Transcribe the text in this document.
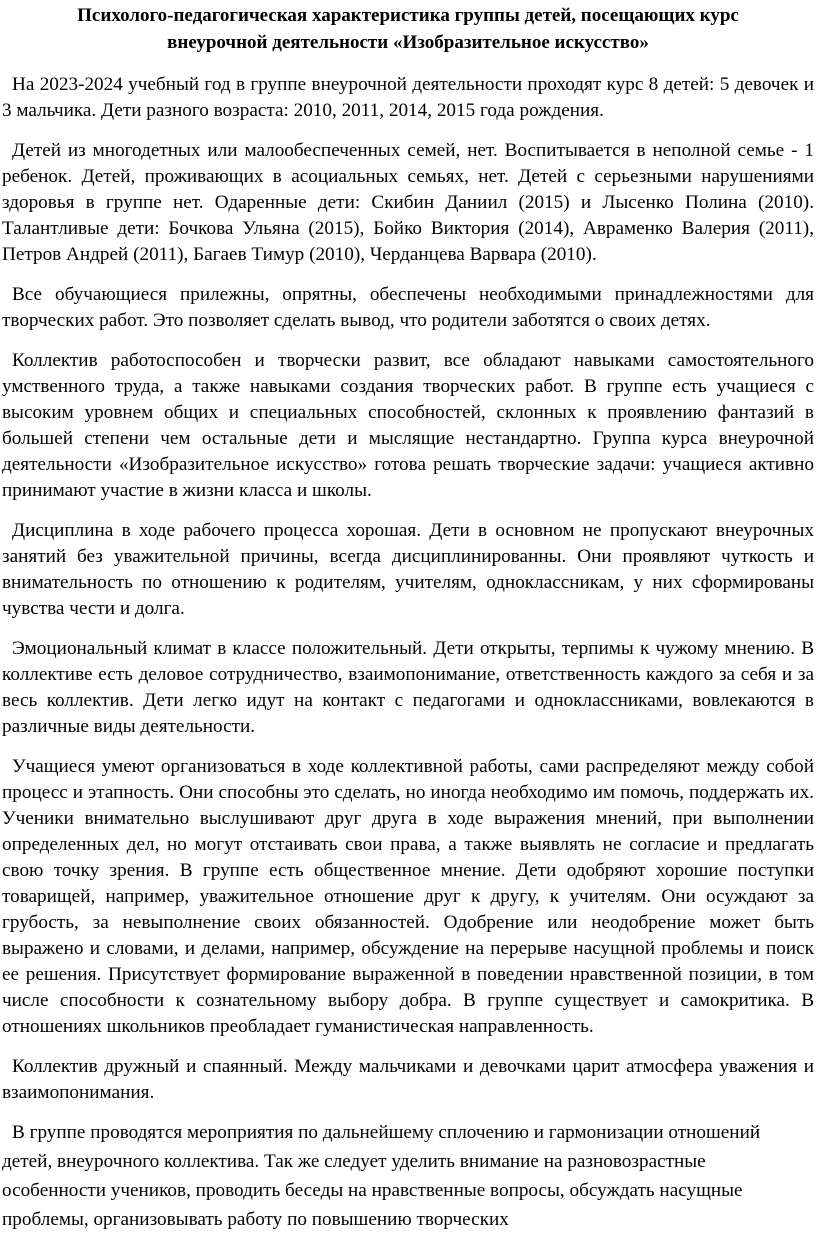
Психолого-педагогическая характеристика группы детей, посещающих курс внеурочной деятельности «Изобразительное искусство»

На 2023-2024 учебный год в группе внеурочной деятельности проходят курс 8 детей: 5 девочек и 3 мальчика. Дети разного возраста: 2010, 2011, 2014, 2015 года рождения.

Детей из многодетных или малообеспеченных семей, нет. Воспитывается в неполной семье - 1 ребенок. Детей, проживающих в асоциальных семьях, нет. Детей с серьезными нарушениями здоровья в группе нет. Одаренные дети: Скибин Даниил (2015) и Лысенко Полина (2010). Талантливые дети: Бочкова Ульяна (2015), Бойко Виктория (2014), Авраменко Валерия (2011), Петров Андрей (2011), Багаев Тимур (2010), Черданцева Варвара (2010).

Все обучающиеся прилежны, опрятны, обеспечены необходимыми принадлежностями для творческих работ. Это позволяет сделать вывод, что родители заботятся о своих детях.

Коллектив работоспособен и творчески развит, все обладают навыками самостоятельного умственного труда, а также навыками создания творческих работ. В группе есть учащиеся с высоким уровнем общих и специальных способностей, склонных к проявлению фантазий в большей степени чем остальные дети и мыслящие нестандартно. Группа курса внеурочной деятельности «Изобразительное искусство» готова решать творческие задачи: учащиеся активно принимают участие в жизни класса и школы.

Дисциплина в ходе рабочего процесса хорошая. Дети в основном не пропускают внеурочных занятий без уважительной причины, всегда дисциплинированны. Они проявляют чуткость и внимательность по отношению к родителям, учителям, одноклассникам, у них сформированы чувства чести и долга.

Эмоциональный климат в классе положительный. Дети открыты, терпимы к чужому мнению. В коллективе есть деловое сотрудничество, взаимопонимание, ответственность каждого за себя и за весь коллектив. Дети легко идут на контакт с педагогами и одноклассниками, вовлекаются в различные виды деятельности.

Учащиеся умеют организоваться в ходе коллективной работы, сами распределяют между собой процесс и этапность. Они способны это сделать, но иногда необходимо им помочь, поддержать их. Ученики внимательно выслушивают друг друга в ходе выражения мнений, при выполнении определенных дел, но могут отстаивать свои права, а также выявлять не согласие и предлагать свою точку зрения. В группе есть общественное мнение. Дети одобряют хорошие поступки товарищей, например, уважительное отношение друг к другу, к учителям. Они осуждают за грубость, за невыполнение своих обязанностей. Одобрение или неодобрение может быть выражено и словами, и делами, например, обсуждение на перерыве насущной проблемы и поиск ее решения. Присутствует формирование выраженной в поведении нравственной позиции, в том числе способности к сознательному выбору добра. В группе существует и самокритика. В отношениях школьников преобладает гуманистическая направленность.

Коллектив дружный и спаянный. Между мальчиками и девочками царит атмосфера уважения и взаимопонимания.

В группе проводятся мероприятия по дальнейшему сплочению и гармонизации отношений детей, внеурочного коллектива. Так же следует уделить внимание на разновозрастные особенности учеников, проводить беседы на нравственные вопросы, обсуждать насущные проблемы, организовывать работу по повышению творческих
